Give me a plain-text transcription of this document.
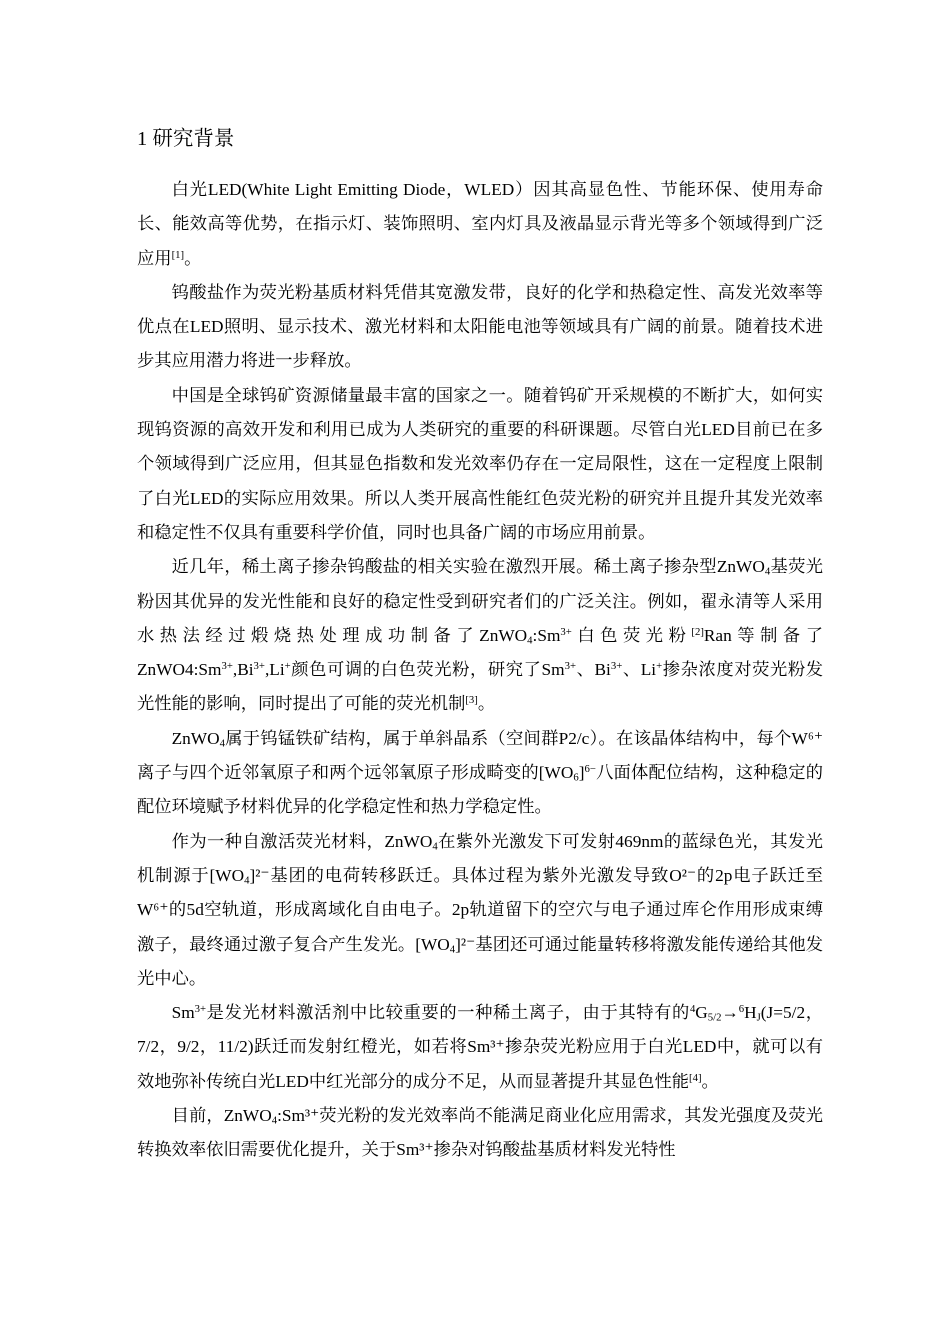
1 研究背景

白光LED(White Light Emitting Diode，WLED）因其高显色性、节能环保、使用寿命长、能效高等优势，在指示灯、装饰照明、室内灯具及液晶显示背光等多个领域得到广泛应用[1]。

钨酸盐作为荧光粉基质材料凭借其宽激发带，良好的化学和热稳定性、高发光效率等优点在LED照明、显示技术、激光材料和太阳能电池等领域具有广阔的前景。随着技术进步其应用潜力将进一步释放。

中国是全球钨矿资源储量最丰富的国家之一。随着钨矿开采规模的不断扩大，如何实现钨资源的高效开发和利用已成为人类研究的重要的科研课题。尽管白光LED目前已在多个领域得到广泛应用，但其显色指数和发光效率仍存在一定局限性，这在一定程度上限制了白光LED的实际应用效果。所以人类开展高性能红色荧光粉的研究并且提升其发光效率和稳定性不仅具有重要科学价值，同时也具备广阔的市场应用前景。

近几年，稀土离子掺杂钨酸盐的相关实验在激烈开展。稀土离子掺杂型ZnWO$_4$基荧光粉因其优异的发光性能和良好的稳定性受到研究者们的广泛关注。例如，翟永清等人采用水热法经过煅烧热处理成功制备了$ZnWO_4:Sm^{3+}$白色荧光粉[2]Ran等制备了$ZnWO4:Sm^{3+},Bi^{3+},Li^+$颜色可调的白色荧光粉，研究了$Sm^{3+}$、$Bi^{3+}$、Li+掺杂浓度对荧光粉发光性能的影响，同时提出了可能的荧光机制[3]。

ZnWO$_4$属于钨锰铁矿结构，属于单斜晶系（空间群P2/c）。在该晶体结构中，每个W⁶⁺离子与四个近邻氧原子和两个远邻氧原子形成畸变的$[WO_6]^{6-}$八面体配位结构，这种稳定的配位环境赋予材料优异的化学稳定性和热力学稳定性。

作为一种自激活荧光材料，ZnWO$_4$在紫外光激发下可发射469nm的蓝绿色光，其发光机制源于$[WO_4]^{2-}$基团的电荷转移跃迁。具体过程为紫外光激发导致O²⁻的2p电子跃迁至W⁶⁺的5d空轨道，形成离域化自由电子。2p轨道留下的空穴与电子通过库仑作用形成束缚激子，最终通过激子复合产生发光。$[WO_4]^{2-}$基团还可通过能量转移将激发能传递给其他发光中心。

$Sm^{3+}$是发光材料激活剂中比较重要的一种稀土离子，由于其特有的$^4G_{5/2}\to^6H_J(J=5/2$，7/2，9/2，11/2)跃迁而发射红橙光，如若将Sm³⁺掺杂荧光粉应用于白光LED中，就可以有效地弥补传统白光LED中红光部分的成分不足，从而显著提升其显色性能[4]。

目前，ZnWO$_4$:Sm³⁺荧光粉的发光效率尚不能满足商业化应用需求，其发光强度及荧光转换效率依旧需要优化提升，关于Sm³⁺掺杂对钨酸盐基质材料发光特性
